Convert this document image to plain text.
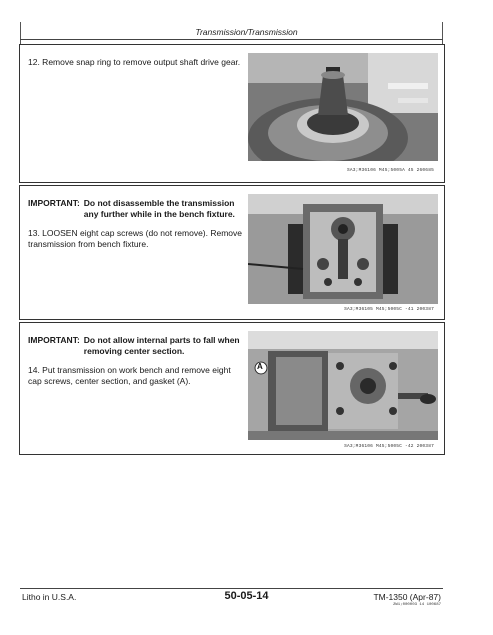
Transmission/Transmission
12. Remove snap ring to remove output shaft drive gear.
SA3;M36106 M45;5005A 45 260685
IMPORTANT: Do not disassemble the transmission any further while in the bench fixture.
13. LOOSEN eight cap screws (do not remove). Remove transmission from bench fixture.
SA3;M36105 M45;5005C -41 200387
IMPORTANT: Do not allow internal parts to fall when removing center section.
14. Put transmission on work bench and remove eight cap screws, center section, and gasket (A).
A
SA3;M36106 M45;5005C -42 200387
Litho in U.S.A.	50-05-14	TM-1350 (Apr-87)
2W1;000003 14 100687
